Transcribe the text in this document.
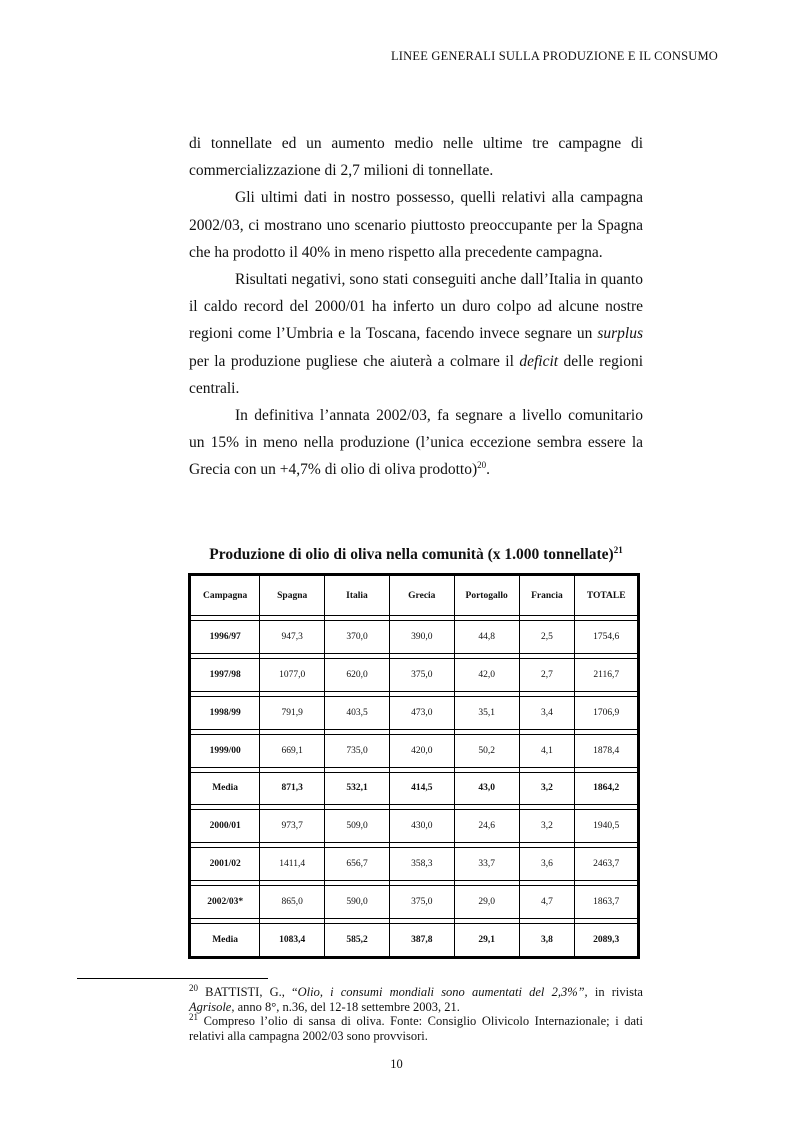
LINEE GENERALI SULLA PRODUZIONE E IL CONSUMO

di tonnellate ed un aumento medio nelle ultime tre campagne di commercializzazione di 2,7 milioni di tonnellate.

Gli ultimi dati in nostro possesso, quelli relativi alla campagna 2002/03, ci mostrano uno scenario piuttosto preoccupante per la Spagna che ha prodotto il 40% in meno rispetto alla precedente campagna.

Risultati negativi, sono stati conseguiti anche dall’Italia in quanto il caldo record del 2000/01 ha inferto un duro colpo ad alcune nostre regioni come l’Umbria e la Toscana, facendo invece segnare un surplus per la produzione pugliese che aiuterà a colmare il deficit delle regioni centrali.

In definitiva l’annata 2002/03, fa segnare a livello comunitario un 15% in meno nella produzione (l’unica eccezione sembra essere la Grecia con un +4,7% di olio di oliva prodotto)$^{20}$.

Produzione di olio di oliva nella comunità (x 1.000 tonnellate)$^{21}$
Campagna	Spagna	Italia	Grecia	Portogallo	Francia	TOTALE

1996/97	947,3	370,0	390,0	44,8	2,5	1754,6

1997/98	1077,0	620,0	375,0	42,0	2,7	2116,7

1998/99	791,9	403,5	473,0	35,1	3,4	1706,9

1999/00	669,1	735,0	420,0	50,2	4,1	1878,4

Media	871,3	532,1	414,5	43,0	3,2	1864,2

2000/01	973,7	509,0	430,0	24,6	3,2	1940,5

2001/02	1411,4	656,7	358,3	33,7	3,6	2463,7

2002/03*	865,0	590,0	375,0	29,0	4,7	1863,7

Media	1083,4	585,2	387,8	29,1	3,8	2089,3

$^{20}$ BATTISTI, G., “Olio, i consumi mondiali sono aumentati del 2,3%”, in rivista Agrisole, anno 8°, n.36, del 12-18 settembre 2003, 21.

$^{21}$ Compreso l’olio di sansa di oliva. Fonte: Consiglio Olivicolo Internazionale; i dati relativi alla campagna 2002/03 sono provvisori.

10
